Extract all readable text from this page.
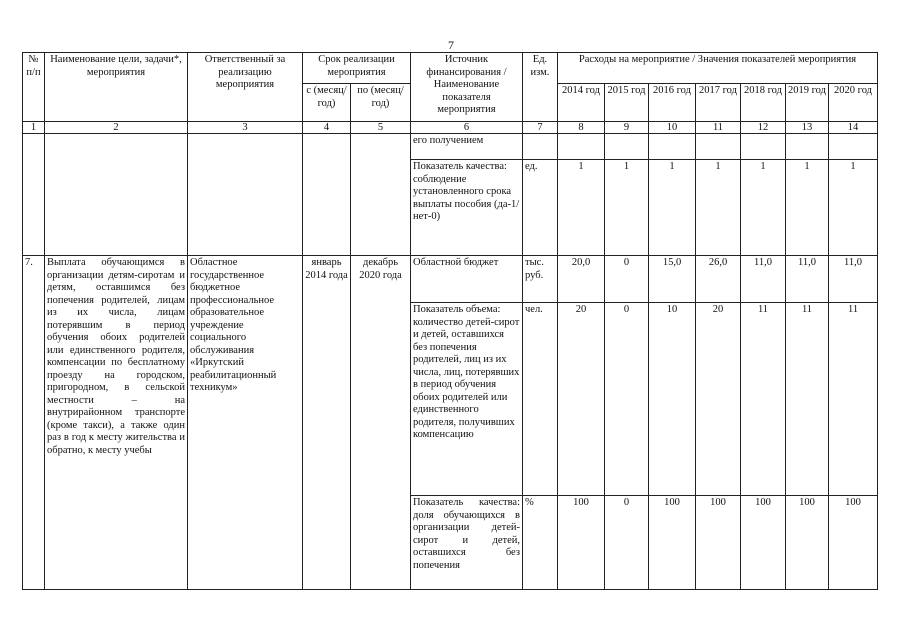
7
№ п/п	Наименование цели, задачи*, мероприятия	Ответственный за реализацию мероприятия	Срок реализации мероприятия		Источник финансирования / Наименование показателя мероприятия	Ед. изм.	Расходы на мероприятие / Значения показателей мероприятия						
			с (месяц/ год)	по (месяц/ год)			2014 год	2015 год	2016 год	2017 год	2018 год	2019 год	2020 год
1	2	3	4	5	6	7	8	9	10	11	12	13	14
					его получением								
					Показатель качества: соблюдение установленного срока выплаты пособия (да-1/нет-0)	ед.	1	1	1	1	1	1	1
7.	Выплата обучающимся в организации детям-сиротам и детям, оставшимся без попечения родителей, лицам из их числа, лицам потерявшим в период обучения обоих родителей или единственного родителя, компенсации по бесплатному проезду на городском, пригородном, в сельской местности – на внутрирайонном транспорте (кроме такси), а также один раз в год к месту жительства и обратно, к месту учебы	Областное государственное бюджетное профессиональное образовательное учреждение социального обслуживания «Иркутский реабилитационный техникум»	январь 2014 года	декабрь 2020 года	Областной бюджет	тыс. руб.	20,0	0	15,0	26,0	11,0	11,0	11,0
					Показатель объема: количество детей-сирот и детей, оставшихся без попечения родителей, лиц из их числа, лиц, потерявших в период обучения обоих родителей или единственного родителя, получивших компенсацию	чел.	20	0	10	20	11	11	11
					Показатель качества: доля обучающихся в организации детей-сирот и детей, оставшихся без попечения	%	100	0	100	100	100	100	100
